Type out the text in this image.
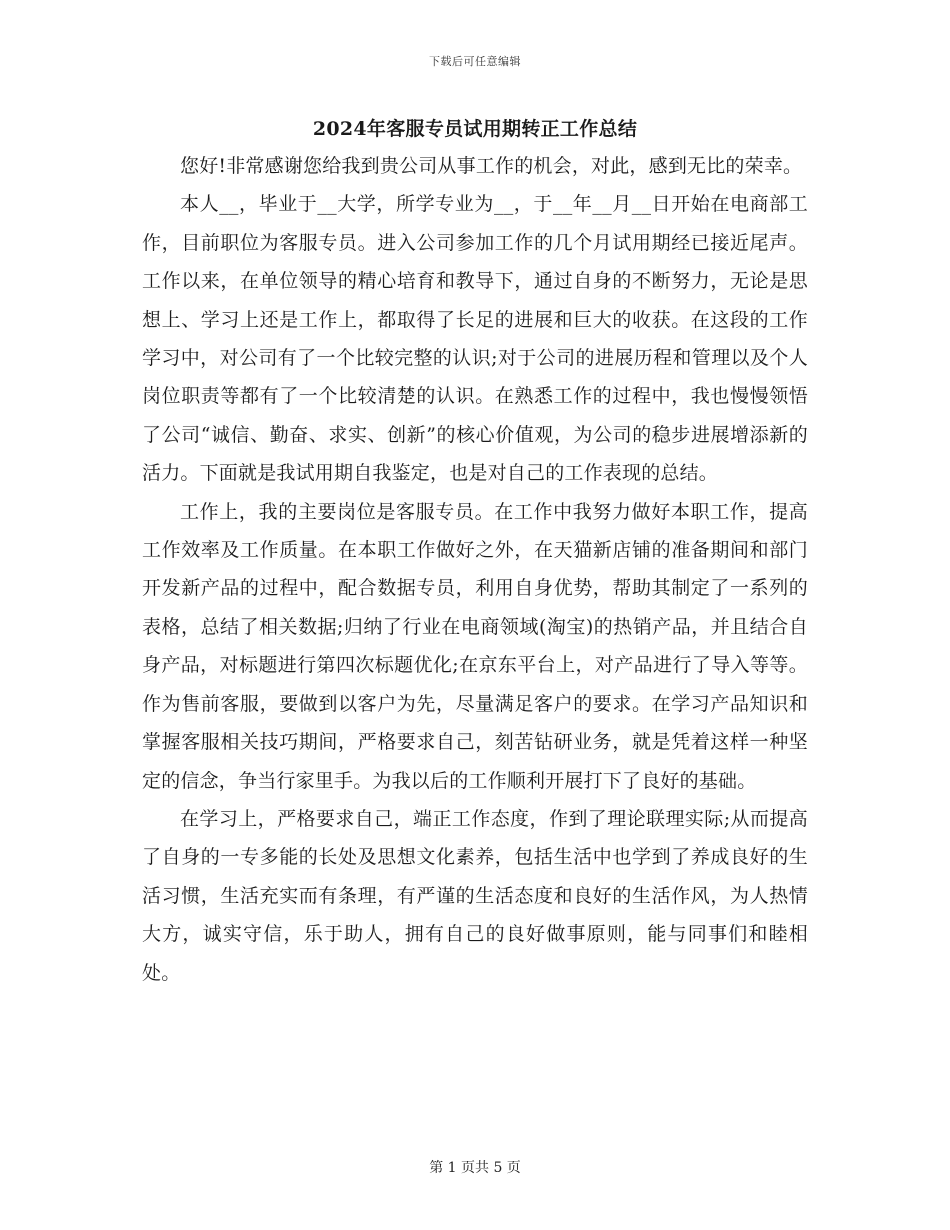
下载后可任意编辑
2024年客服专员试用期转正工作总结

您好!非常感谢您给我到贵公司从事工作的机会，对此，感到无比的荣幸。

本人__，毕业于__大学，所学专业为__，于__年__月__日开始在电商部工作，目前职位为客服专员。进入公司参加工作的几个月试用期经已接近尾声。工作以来，在单位领导的精心培育和教导下，通过自身的不断努力，无论是思想上、学习上还是工作上，都取得了长足的进展和巨大的收获。在这段的工作学习中，对公司有了一个比较完整的认识;对于公司的进展历程和管理以及个人岗位职责等都有了一个比较清楚的认识。在熟悉工作的过程中，我也慢慢领悟了公司“诚信、勤奋、求实、创新”的核心价值观，为公司的稳步进展增添新的活力。下面就是我试用期自我鉴定，也是对自己的工作表现的总结。

工作上，我的主要岗位是客服专员。在工作中我努力做好本职工作，提高工作效率及工作质量。在本职工作做好之外，在天猫新店铺的准备期间和部门开发新产品的过程中，配合数据专员，利用自身优势，帮助其制定了一系列的表格，总结了相关数据;归纳了行业在电商领域(淘宝)的热销产品，并且结合自身产品，对标题进行第四次标题优化;在京东平台上，对产品进行了导入等等。作为售前客服，要做到以客户为先，尽量满足客户的要求。在学习产品知识和掌握客服相关技巧期间，严格要求自己，刻苦钻研业务，就是凭着这样一种坚定的信念，争当行家里手。为我以后的工作顺利开展打下了良好的基础。

在学习上，严格要求自己，端正工作态度，作到了理论联理实际;从而提高了自身的一专多能的长处及思想文化素养，包括生活中也学到了养成良好的生活习惯，生活充实而有条理，有严谨的生活态度和良好的生活作风，为人热情大方，诚实守信，乐于助人，拥有自己的良好做事原则，能与同事们和睦相处。

第 1 页共 5 页
